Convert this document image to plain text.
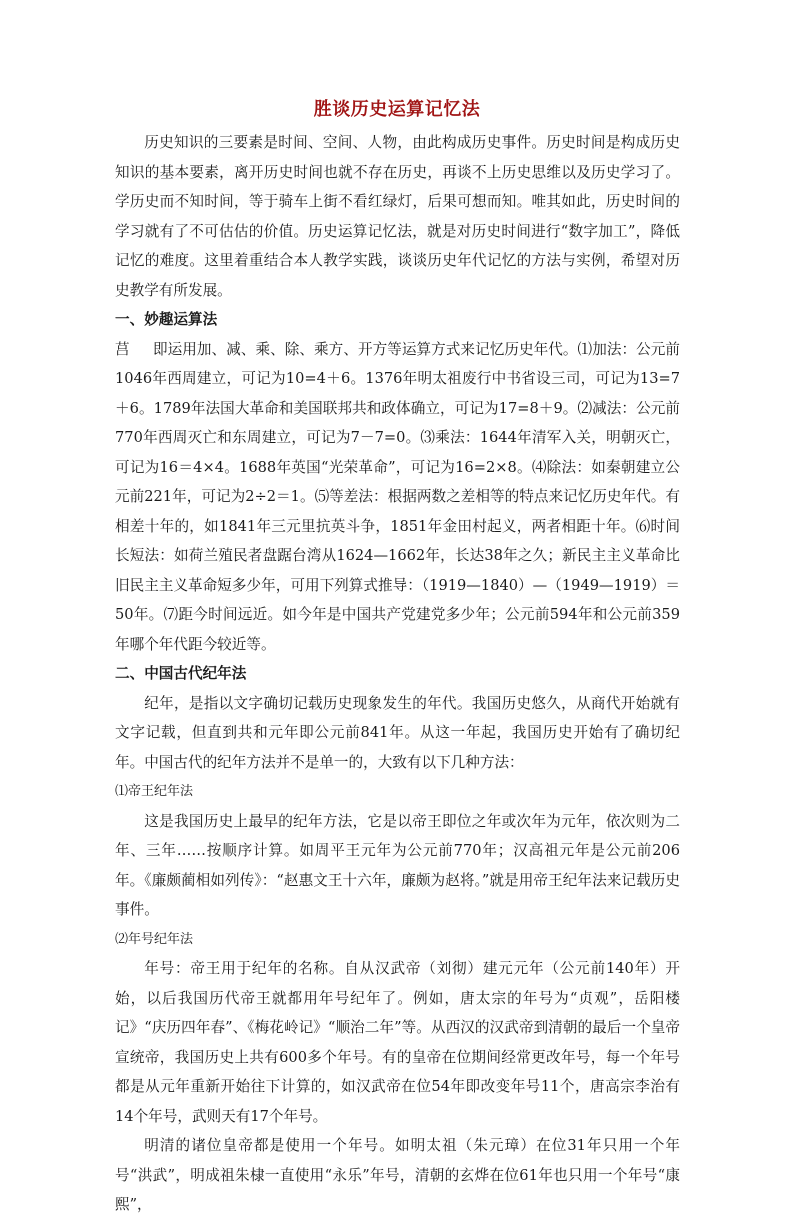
胜谈历史运算记忆法

历史知识的三要素是时间、空间、人物，由此构成历史事件。历史时间是构成历史知识的基本要素，离开历史时间也就不存在历史，再谈不上历史思维以及历史学习了。学历史而不知时间，等于骑车上街不看红绿灯，后果可想而知。唯其如此，历史时间的学习就有了不可估估的价值。历史运算记忆法，就是对历史时间进行“数字加工”，降低记忆的难度。这里着重结合本人教学实践，谈谈历史年代记忆的方法与实例，希望对历史教学有所发展。

一、妙趣运算法

莒 即运用加、减、乘、除、乘方、开方等运算方式来记忆历史年代。⑴加法：公元前1046年西周建立，可记为10=4＋6。1376年明太祖废行中书省设三司，可记为13=7＋6。1789年法国大革命和美国联邦共和政体确立，可记为17=8＋9。⑵减法：公元前770年西周灭亡和东周建立，可记为7－7=0。⑶乘法：1644年清军入关，明朝灭亡，可记为16＝4×4。1688年英国“光荣革命”，可记为16=2×8。⑷除法：如秦朝建立公元前221年，可记为2÷2＝1。⑸等差法：根据两数之差相等的特点来记忆历史年代。有相差十年的，如1841年三元里抗英斗争，1851年金田村起义，两者相距十年。⑹时间长短法：如荷兰殖民者盘踞台湾从1624—1662年，长达38年之久；新民主主义革命比旧民主主义革命短多少年，可用下列算式推导：（1919—1840）—（1949—1919）＝50年。⑺距今时间远近。如今年是中国共产党建党多少年；公元前594年和公元前359年哪个年代距今较近等。

二、中国古代纪年法

纪年，是指以文字确切记载历史现象发生的年代。我国历史悠久，从商代开始就有文字记载，但直到共和元年即公元前841年。从这一年起，我国历史开始有了确切纪年。中国古代的纪年方法并不是单一的，大致有以下几种方法：

⑴帝王纪年法

这是我国历史上最早的纪年方法，它是以帝王即位之年或次年为元年，依次则为二年、三年……按顺序计算。如周平王元年为公元前770年；汉高祖元年是公元前206年。《廉颇蔺相如列传》：“赵惠文王十六年，廉颇为赵将。”就是用帝王纪年法来记载历史事件。

⑵年号纪年法

年号：帝王用于纪年的名称。自从汉武帝（刘彻）建元元年（公元前140年）开始，以后我国历代帝王就都用年号纪年了。例如，唐太宗的年号为“贞观”，岳阳楼记》“庆历四年春”、《梅花岭记》“顺治二年”等。从西汉的汉武帝到清朝的最后一个皇帝宣统帝，我国历史上共有600多个年号。有的皇帝在位期间经常更改年号，每一个年号都是从元年重新开始往下计算的，如汉武帝在位54年即改变年号11个，唐高宗李治有14个年号，武则天有17个年号。

明清的诸位皇帝都是使用一个年号。如明太祖（朱元璋）在位31年只用一个年号“洪武”，明成祖朱棣一直使用“永乐”年号，清朝的玄烨在位61年也只用一个年号“康熙”，
